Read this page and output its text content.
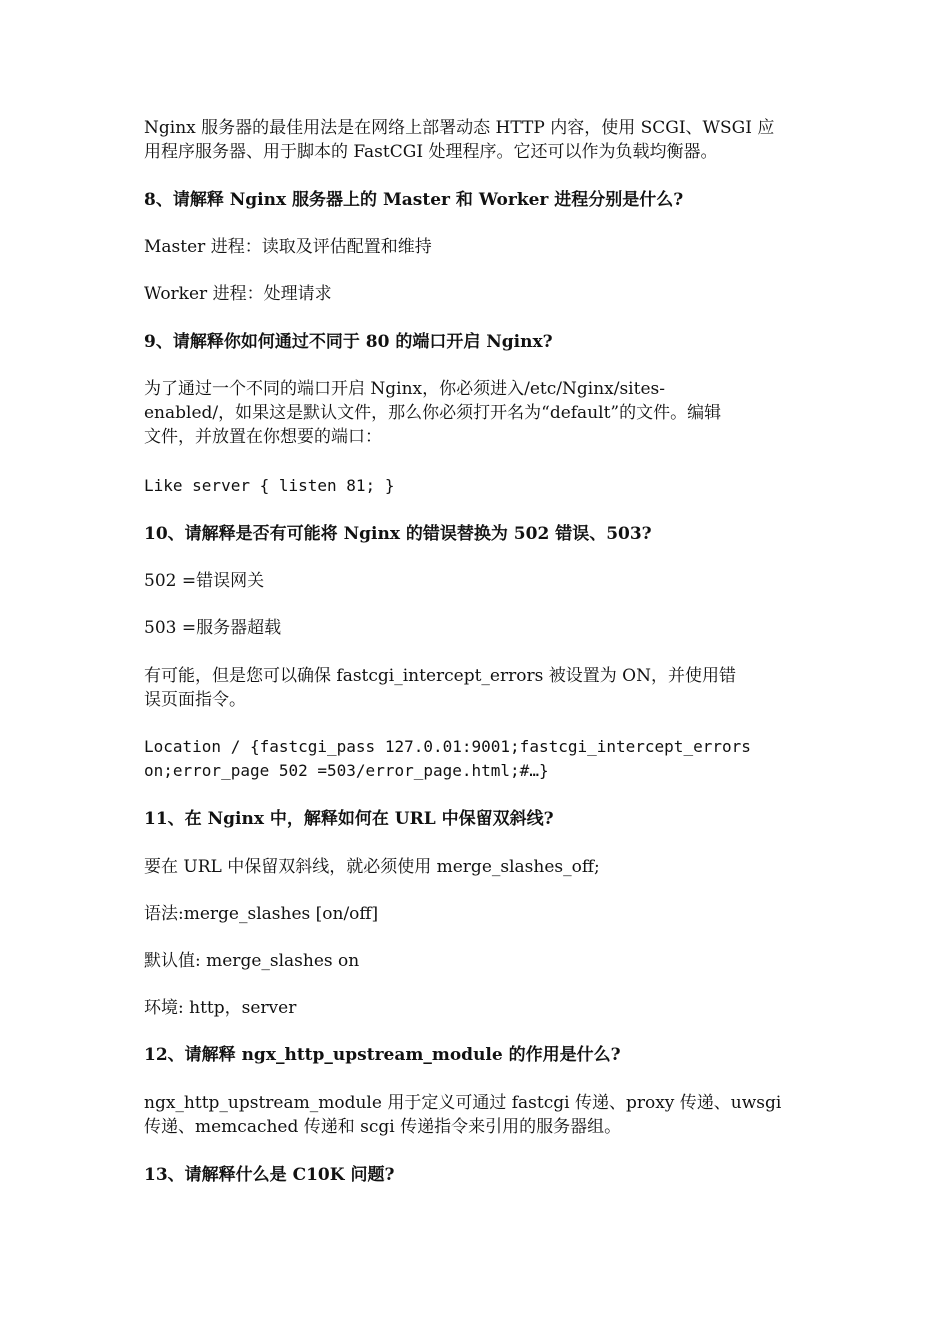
Nginx 服务器的最佳用法是在网络上部署动态 HTTP 内容，使用 SCGI、WSGI 应
用程序服务器、用于脚本的 FastCGI 处理程序。它还可以作为负载均衡器。

8、请解释 Nginx 服务器上的 Master 和 Worker 进程分别是什么?

Master 进程：读取及评估配置和维持

Worker 进程：处理请求

9、请解释你如何通过不同于 80 的端口开启 Nginx?

为了通过一个不同的端口开启 Nginx，你必须进入/etc/Nginx/sites-
enabled/，如果这是默认文件，那么你必须打开名为“default”的文件。编辑
文件，并放置在你想要的端口：

Like server { listen 81; }

10、请解释是否有可能将 Nginx 的错误替换为 502 错误、503?

502 =错误网关

503 =服务器超载

有可能，但是您可以确保 fastcgi_intercept_errors 被设置为 ON，并使用错
误页面指令。

Location / {fastcgi_pass 127.0.01:9001;fastcgi_intercept_errors
on;error_page 502 =503/error_page.html;#…}

11、在 Nginx 中，解释如何在 URL 中保留双斜线?

要在 URL 中保留双斜线，就必须使用 merge_slashes_off;

语法:merge_slashes [on/off]

默认值: merge_slashes on

环境: http，server

12、请解释 ngx_http_upstream_module 的作用是什么?

ngx_http_upstream_module 用于定义可通过 fastcgi 传递、proxy 传递、uwsgi
传递、memcached 传递和 scgi 传递指令来引用的服务器组。

13、请解释什么是 C10K 问题?
